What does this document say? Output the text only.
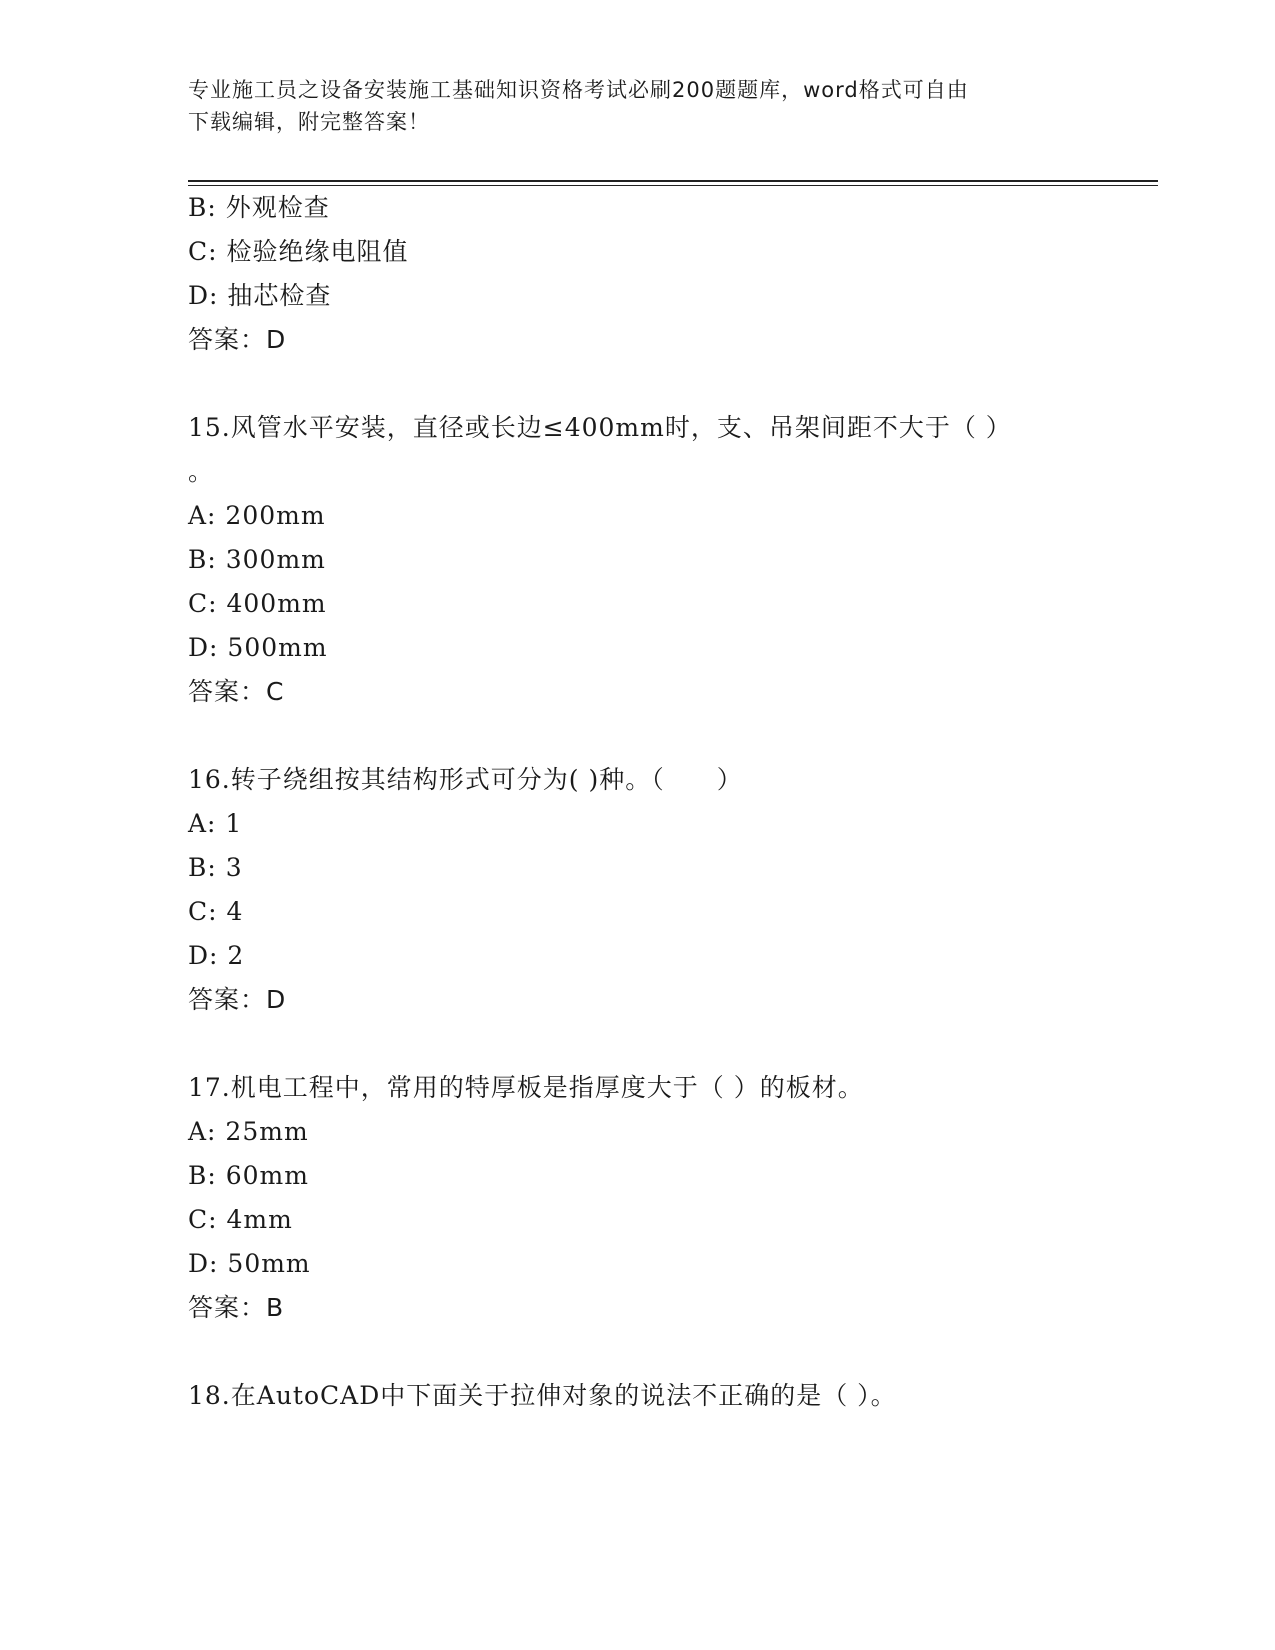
专业施工员之设备安装施工基础知识资格考试必刷200题题库，word格式可自由
下载编辑，附完整答案！
B: 外观检查
C: 检验绝缘电阻值
D: 抽芯检查
答案：D
15.风管水平安装，直径或长边≤400mm时，支、吊架间距不大于（ ）
。
A: 200mm
B: 300mm
C: 400mm
D: 500mm
答案：C
16.转子绕组按其结构形式可分为( )种。（　　）
A: 1
B: 3
C: 4
D: 2
答案：D
17.机电工程中，常用的特厚板是指厚度大于（ ）的板材。
A: 25mm
B: 60mm
C: 4mm
D: 50mm
答案：B
18.在AutoCAD中下面关于拉伸对象的说法不正确的是（ ）。
